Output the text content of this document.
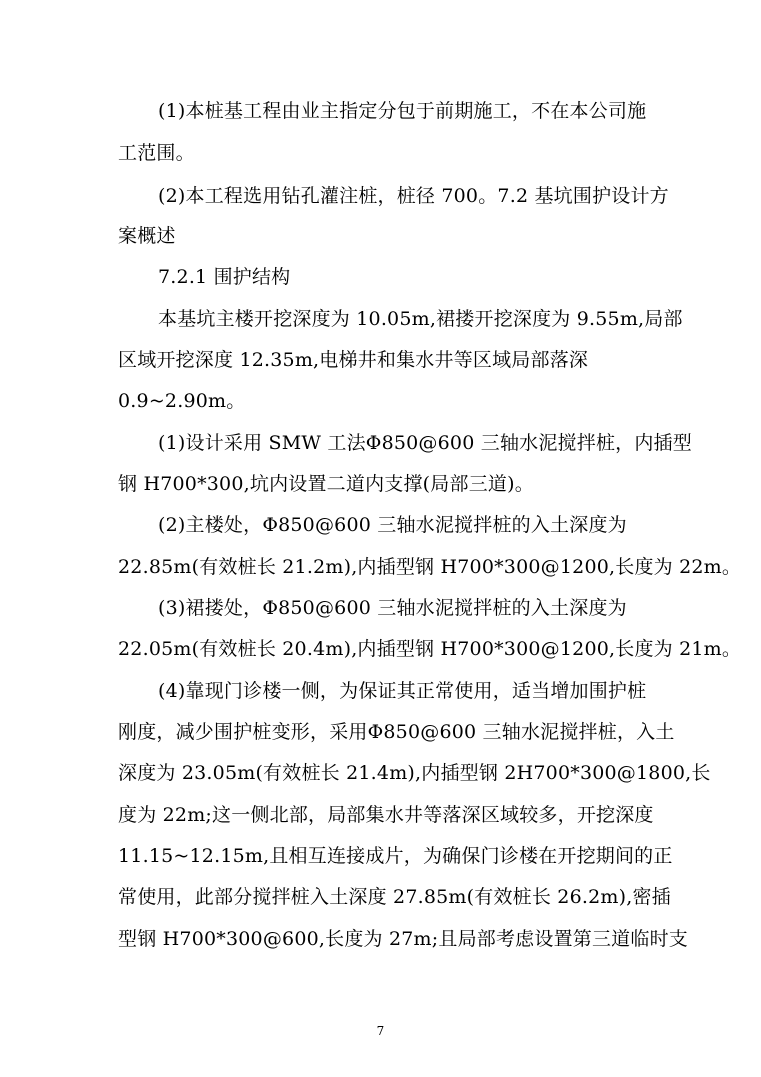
(1)本桩基工程由业主指定分包于前期施工，不在本公司施
工范围。
(2)本工程选用钻孔灌注桩，桩径 700。7.2 基坑围护设计方
案概述
7.2.1 围护结构
本基坑主楼开挖深度为 10.05m,裙搂开挖深度为 9.55m,局部
区域开挖深度 12.35m,电梯井和集水井等区域局部落深
0.9~2.90m。
(1)设计采用 SMW 工法Φ850@600 三轴水泥搅拌桩，内插型
钢 H700*300,坑内设置二道内支撑(局部三道)。
(2)主楼处，Φ850@600 三轴水泥搅拌桩的入土深度为
22.85m(有效桩长 21.2m),内插型钢 H700*300@1200,长度为 22m。
(3)裙搂处，Φ850@600 三轴水泥搅拌桩的入土深度为
22.05m(有效桩长 20.4m),内插型钢 H700*300@1200,长度为 21m。
(4)靠现门诊楼一侧，为保证其正常使用，适当增加围护桩
刚度，减少围护桩变形，采用Φ850@600 三轴水泥搅拌桩，入土
深度为 23.05m(有效桩长 21.4m),内插型钢 2H700*300@1800,长
度为 22m;这一侧北部，局部集水井等落深区域较多，开挖深度
11.15~12.15m,且相互连接成片，为确保门诊楼在开挖期间的正
常使用，此部分搅拌桩入土深度 27.85m(有效桩长 26.2m),密插
型钢 H700*300@600,长度为 27m;且局部考虑设置第三道临时支
7
